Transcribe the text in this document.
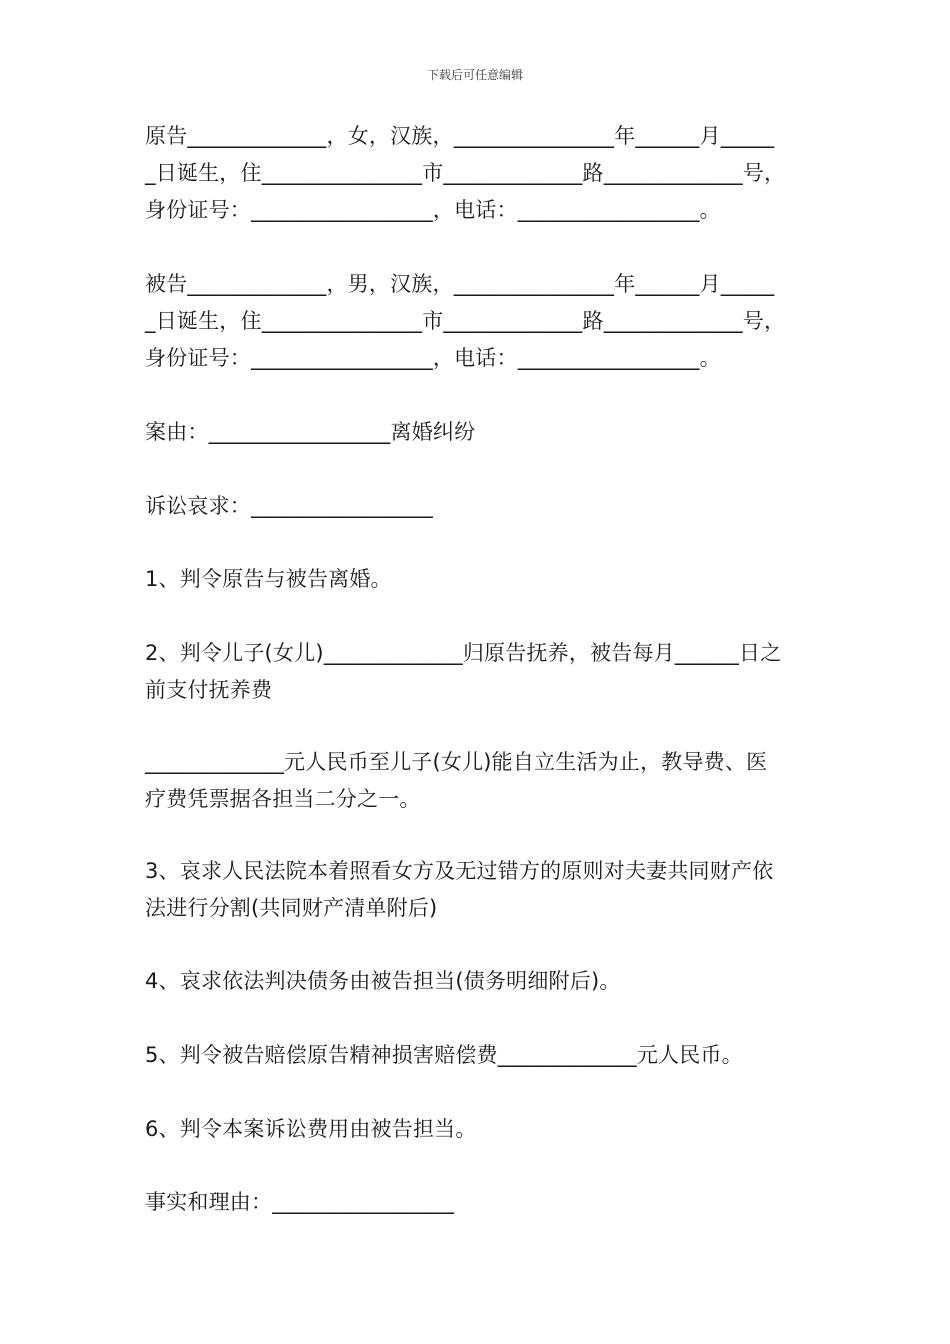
下载后可任意编辑
原告_____________，女，汉族，_______________年______月_____
_日诞生，住_______________市_____________路_____________号，
身份证号：_________________，电话：_________________。
被告_____________，男，汉族，_______________年______月_____
_日诞生，住_______________市_____________路_____________号，
身份证号：_________________，电话：_________________。
案由：_________________离婚纠纷
诉讼哀求：_________________
1、判令原告与被告离婚。
2、判令儿子(女儿)_____________归原告抚养，被告每月______日之
前支付抚养费
_____________元人民币至儿子(女儿)能自立生活为止，教导费、医
疗费凭票据各担当二分之一。
3、哀求人民法院本着照看女方及无过错方的原则对夫妻共同财产依
法进行分割(共同财产清单附后)
4、哀求依法判决债务由被告担当(债务明细附后)。
5、判令被告赔偿原告精神损害赔偿费_____________元人民币。
6、判令本案诉讼费用由被告担当。
事实和理由：_________________
